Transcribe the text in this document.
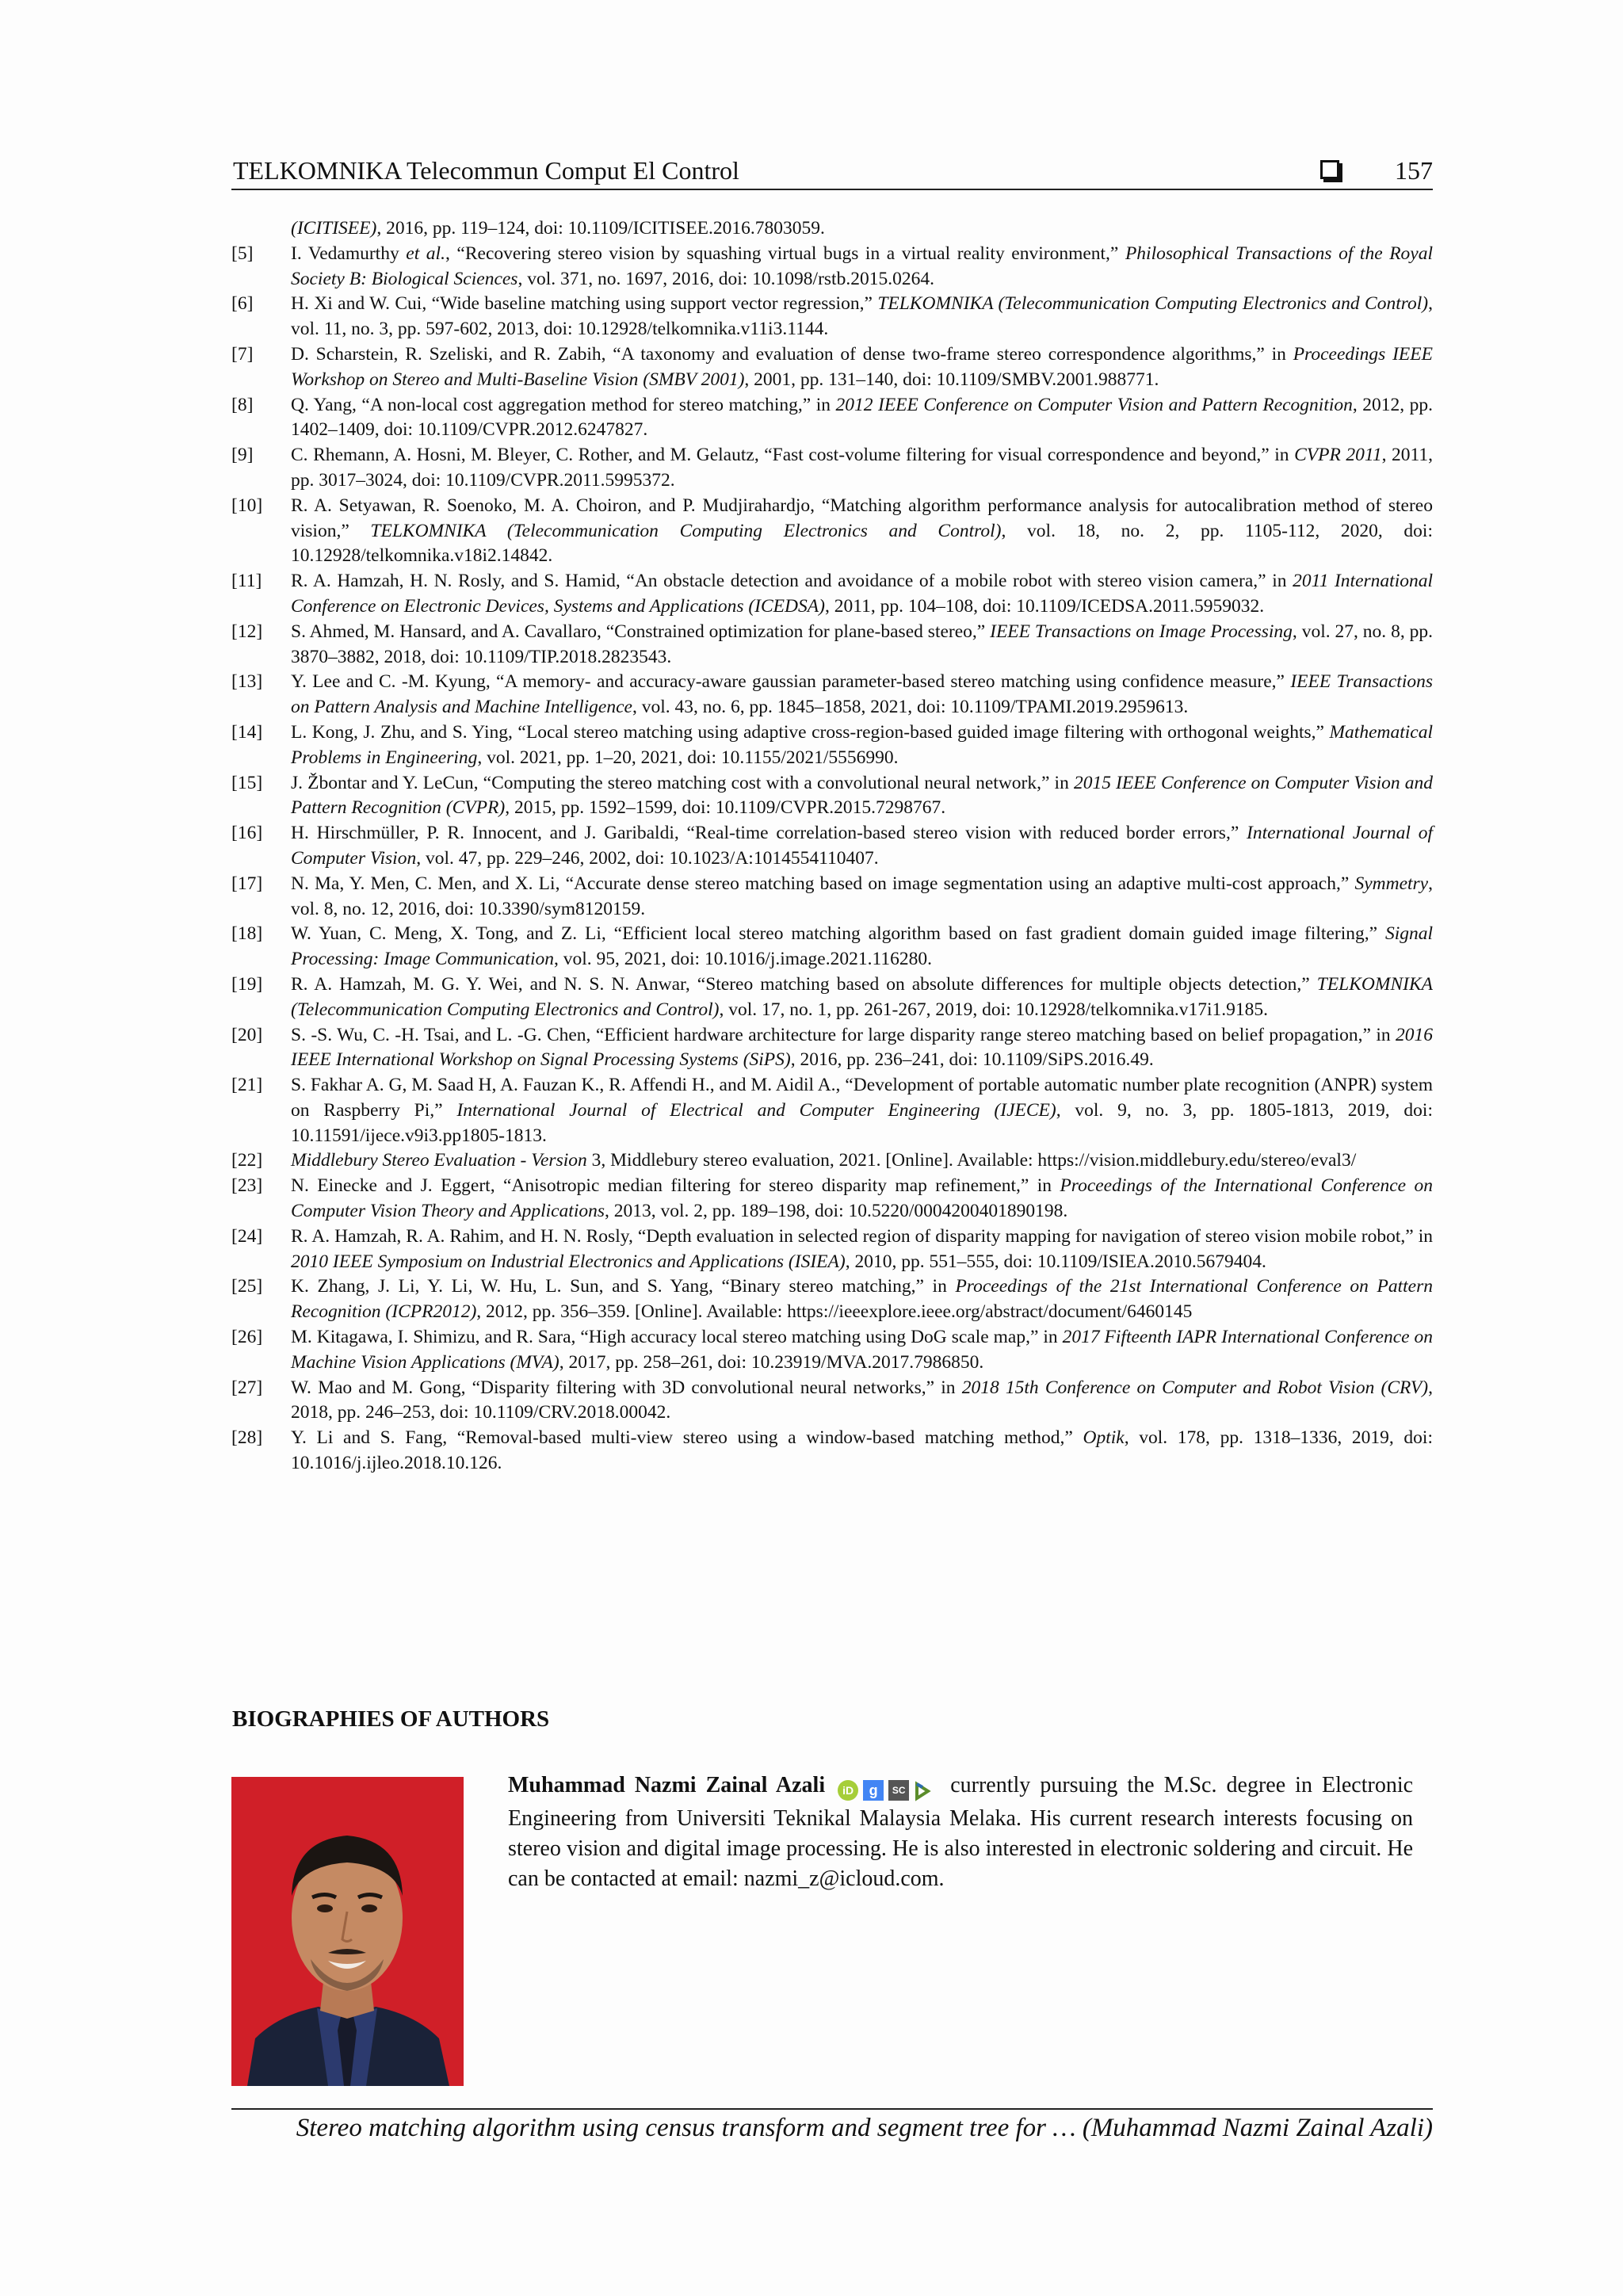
TELKOMNIKA Telecommun Comput El Control	157
(ICITISEE), 2016, pp. 119–124, doi: 10.1109/ICITISEE.2016.7803059.
[5] I. Vedamurthy et al., “Recovering stereo vision by squashing virtual bugs in a virtual reality environment,” Philosophical Transactions of the Royal Society B: Biological Sciences, vol. 371, no. 1697, 2016, doi: 10.1098/rstb.2015.0264.
[6] H. Xi and W. Cui, “Wide baseline matching using support vector regression,” TELKOMNIKA (Telecommunication Computing Electronics and Control), vol. 11, no. 3, pp. 597-602, 2013, doi: 10.12928/telkomnika.v11i3.1144.
[7] D. Scharstein, R. Szeliski, and R. Zabih, “A taxonomy and evaluation of dense two-frame stereo correspondence algorithms,” in Proceedings IEEE Workshop on Stereo and Multi-Baseline Vision (SMBV 2001), 2001, pp. 131–140, doi: 10.1109/SMBV.2001.988771.
[8] Q. Yang, “A non-local cost aggregation method for stereo matching,” in 2012 IEEE Conference on Computer Vision and Pattern Recognition, 2012, pp. 1402–1409, doi: 10.1109/CVPR.2012.6247827.
[9] C. Rhemann, A. Hosni, M. Bleyer, C. Rother, and M. Gelautz, “Fast cost-volume filtering for visual correspondence and beyond,” in CVPR 2011, 2011, pp. 3017–3024, doi: 10.1109/CVPR.2011.5995372.
[10] R. A. Setyawan, R. Soenoko, M. A. Choiron, and P. Mudjirahardjo, “Matching algorithm performance analysis for autocalibration method of stereo vision,” TELKOMNIKA (Telecommunication Computing Electronics and Control), vol. 18, no. 2, pp. 1105-112, 2020, doi: 10.12928/telkomnika.v18i2.14842.
[11] R. A. Hamzah, H. N. Rosly, and S. Hamid, “An obstacle detection and avoidance of a mobile robot with stereo vision camera,” in 2011 International Conference on Electronic Devices, Systems and Applications (ICEDSA), 2011, pp. 104–108, doi: 10.1109/ICEDSA.2011.5959032.
[12] S. Ahmed, M. Hansard, and A. Cavallaro, “Constrained optimization for plane-based stereo,” IEEE Transactions on Image Processing, vol. 27, no. 8, pp. 3870–3882, 2018, doi: 10.1109/TIP.2018.2823543.
[13] Y. Lee and C. -M. Kyung, “A memory- and accuracy-aware gaussian parameter-based stereo matching using confidence measure,” IEEE Transactions on Pattern Analysis and Machine Intelligence, vol. 43, no. 6, pp. 1845–1858, 2021, doi: 10.1109/TPAMI.2019.2959613.
[14] L. Kong, J. Zhu, and S. Ying, “Local stereo matching using adaptive cross-region-based guided image filtering with orthogonal weights,” Mathematical Problems in Engineering, vol. 2021, pp. 1–20, 2021, doi: 10.1155/2021/5556990.
[15] J. Žbontar and Y. LeCun, “Computing the stereo matching cost with a convolutional neural network,” in 2015 IEEE Conference on Computer Vision and Pattern Recognition (CVPR), 2015, pp. 1592–1599, doi: 10.1109/CVPR.2015.7298767.
[16] H. Hirschmüller, P. R. Innocent, and J. Garibaldi, “Real-time correlation-based stereo vision with reduced border errors,” International Journal of Computer Vision, vol. 47, pp. 229–246, 2002, doi: 10.1023/A:1014554110407.
[17] N. Ma, Y. Men, C. Men, and X. Li, “Accurate dense stereo matching based on image segmentation using an adaptive multi-cost approach,” Symmetry, vol. 8, no. 12, 2016, doi: 10.3390/sym8120159.
[18] W. Yuan, C. Meng, X. Tong, and Z. Li, “Efficient local stereo matching algorithm based on fast gradient domain guided image filtering,” Signal Processing: Image Communication, vol. 95, 2021, doi: 10.1016/j.image.2021.116280.
[19] R. A. Hamzah, M. G. Y. Wei, and N. S. N. Anwar, “Stereo matching based on absolute differences for multiple objects detection,” TELKOMNIKA (Telecommunication Computing Electronics and Control), vol. 17, no. 1, pp. 261-267, 2019, doi: 10.12928/telkomnika.v17i1.9185.
[20] S. -S. Wu, C. -H. Tsai, and L. -G. Chen, “Efficient hardware architecture for large disparity range stereo matching based on belief propagation,” in 2016 IEEE International Workshop on Signal Processing Systems (SiPS), 2016, pp. 236–241, doi: 10.1109/SiPS.2016.49.
[21] S. Fakhar A. G, M. Saad H, A. Fauzan K., R. Affendi H., and M. Aidil A., “Development of portable automatic number plate recognition (ANPR) system on Raspberry Pi,” International Journal of Electrical and Computer Engineering (IJECE), vol. 9, no. 3, pp. 1805-1813, 2019, doi: 10.11591/ijece.v9i3.pp1805-1813.
[22] Middlebury Stereo Evaluation - Version 3, Middlebury stereo evaluation, 2021. [Online]. Available: https://vision.middlebury.edu/stereo/eval3/
[23] N. Einecke and J. Eggert, “Anisotropic median filtering for stereo disparity map refinement,” in Proceedings of the International Conference on Computer Vision Theory and Applications, 2013, vol. 2, pp. 189–198, doi: 10.5220/0004200401890198.
[24] R. A. Hamzah, R. A. Rahim, and H. N. Rosly, “Depth evaluation in selected region of disparity mapping for navigation of stereo vision mobile robot,” in 2010 IEEE Symposium on Industrial Electronics and Applications (ISIEA), 2010, pp. 551–555, doi: 10.1109/ISIEA.2010.5679404.
[25] K. Zhang, J. Li, Y. Li, W. Hu, L. Sun, and S. Yang, “Binary stereo matching,” in Proceedings of the 21st International Conference on Pattern Recognition (ICPR2012), 2012, pp. 356–359. [Online]. Available: https://ieeexplore.ieee.org/abstract/document/6460145
[26] M. Kitagawa, I. Shimizu, and R. Sara, “High accuracy local stereo matching using DoG scale map,” in 2017 Fifteenth IAPR International Conference on Machine Vision Applications (MVA), 2017, pp. 258–261, doi: 10.23919/MVA.2017.7986850.
[27] W. Mao and M. Gong, “Disparity filtering with 3D convolutional neural networks,” in 2018 15th Conference on Computer and Robot Vision (CRV), 2018, pp. 246–253, doi: 10.1109/CRV.2018.00042.
[28] Y. Li and S. Fang, “Removal-based multi-view stereo using a window-based matching method,” Optik, vol. 178, pp. 1318–1336, 2019, doi: 10.1016/j.ijleo.2018.10.126.
BIOGRAPHIES OF AUTHORS
Muhammad Nazmi Zainal Azali iD g SC currently pursuing the M.Sc. degree in Electronic Engineering from Universiti Teknikal Malaysia Melaka. His current research interests focusing on stereo vision and digital image processing. He is also interested in electronic soldering and circuit. He can be contacted at email: nazmi_z@icloud.com.
Stereo matching algorithm using census transform and segment tree for … (Muhammad Nazmi Zainal Azali)
